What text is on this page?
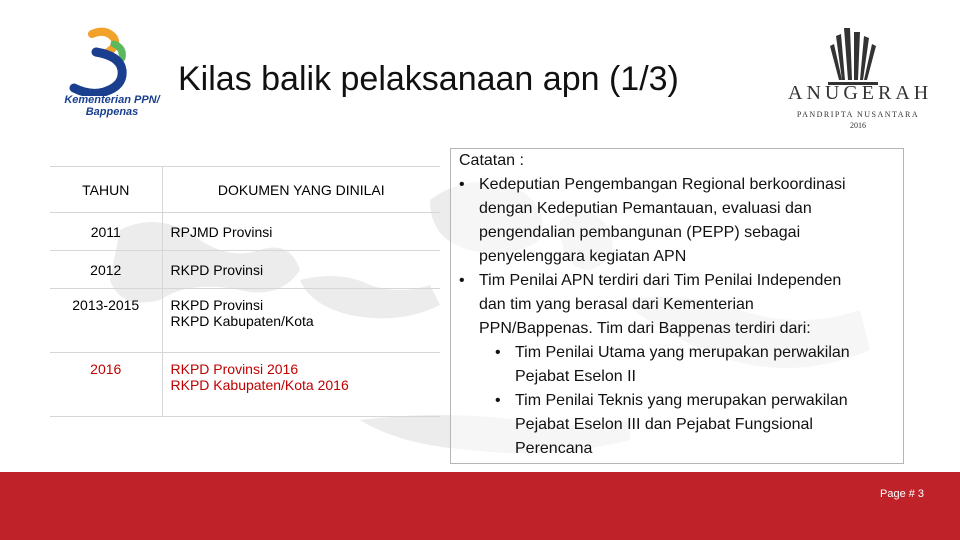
Kementerian PPN/
Bappenas
Kilas balik pelaksanaan apn (1/3)	ANUGERAH
PANDRIPTA NUSANTARA
2016
TAHUN	DOKUMEN YANG DINILAI
2011	RPJMD Provinsi

2012	RKPD Provinsi

2013-2015	RKPD Provinsi
RKPD Kabupaten/Kota

2016	RKPD Provinsi 2016
RKPD Kabupaten/Kota 2016
Catatan :
• Kedeputian Pengembangan Regional berkoordinasi
dengan Kedeputian Pemantauan, evaluasi dan
pengendalian pembangunan (PEPP) sebagai
penyelenggara kegiatan APN
• Tim Penilai APN terdiri dari Tim Penilai Independen
dan tim yang berasal dari Kementerian
PPN/Bappenas. Tim dari Bappenas terdiri dari:
• Tim Penilai Utama yang merupakan perwakilan
Pejabat Eselon II
• Tim Penilai Teknis yang merupakan perwakilan
Pejabat Eselon III dan Pejabat Fungsional
Perencana
Page # 3
